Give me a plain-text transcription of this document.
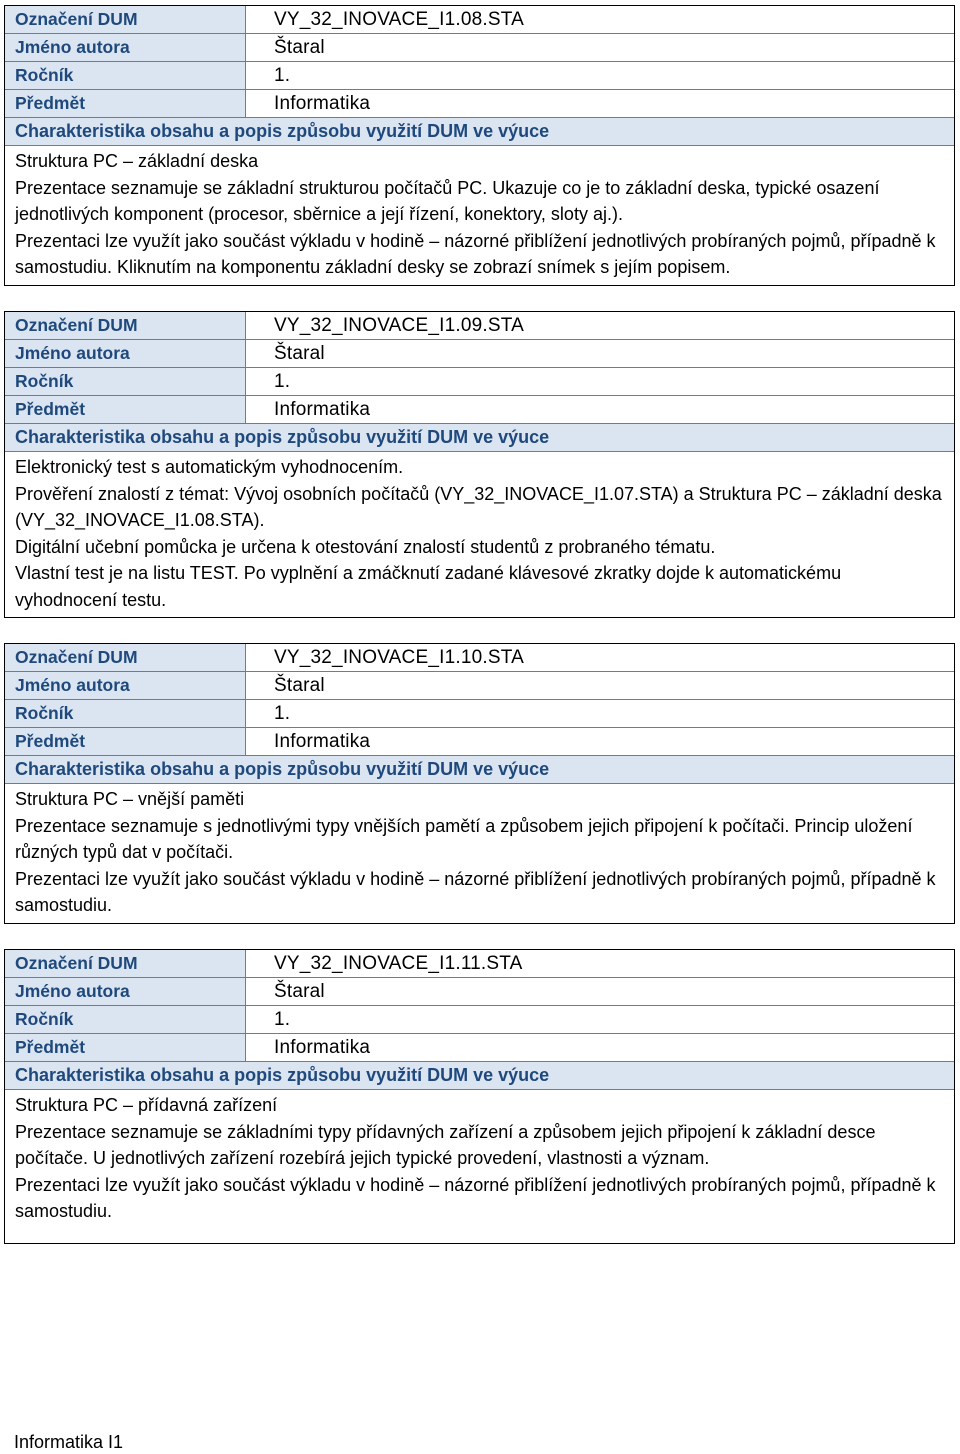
Označení DUM	VY_32_INOVACE_I1.08.STA
Jméno autora	Štaral
Ročník	1.
Předmět	Informatika
Charakteristika obsahu a popis způsobu využití DUM ve výuce

Struktura PC – základní deska

Prezentace seznamuje se základní strukturou počítačů PC. Ukazuje co je to základní deska, typické osazení jednotlivých komponent (procesor, sběrnice a její řízení, konektory, sloty aj.).

Prezentaci lze využít jako součást výkladu v hodině – názorné přiblížení jednotlivých probíraných pojmů, případně k samostudiu. Kliknutím na komponentu základní desky se zobrazí snímek s jejím popisem.

Označení DUM	VY_32_INOVACE_I1.09.STA
Jméno autora	Štaral
Ročník	1.
Předmět	Informatika
Charakteristika obsahu a popis způsobu využití DUM ve výuce

Elektronický test s automatickým vyhodnocením.

Prověření znalostí z témat: Vývoj osobních počítačů (VY_32_INOVACE_I1.07.STA) a Struktura PC – základní deska (VY_32_INOVACE_I1.08.STA).

Digitální učební pomůcka je určena k otestování znalostí studentů z probraného tématu.

Vlastní test je na listu TEST. Po vyplnění a zmáčknutí zadané klávesové zkratky dojde k automatickému vyhodnocení testu.

Označení DUM	VY_32_INOVACE_I1.10.STA
Jméno autora	Štaral
Ročník	1.
Předmět	Informatika
Charakteristika obsahu a popis způsobu využití DUM ve výuce

Struktura PC – vnější paměti

Prezentace seznamuje s jednotlivými typy vnějších pamětí a způsobem jejich připojení k počítači. Princip uložení různých typů dat v počítači.

Prezentaci lze využít jako součást výkladu v hodině – názorné přiblížení jednotlivých probíraných pojmů, případně k samostudiu.

Označení DUM	VY_32_INOVACE_I1.11.STA
Jméno autora	Štaral
Ročník	1.
Předmět	Informatika
Charakteristika obsahu a popis způsobu využití DUM ve výuce

Struktura PC – přídavná zařízení

Prezentace seznamuje se základními typy přídavných zařízení a způsobem jejich připojení k základní desce počítače. U jednotlivých zařízení rozebírá jejich typické provedení, vlastnosti a význam.

Prezentaci lze využít jako součást výkladu v hodině – názorné přiblížení jednotlivých probíraných pojmů, případně k samostudiu.

Informatika I1
